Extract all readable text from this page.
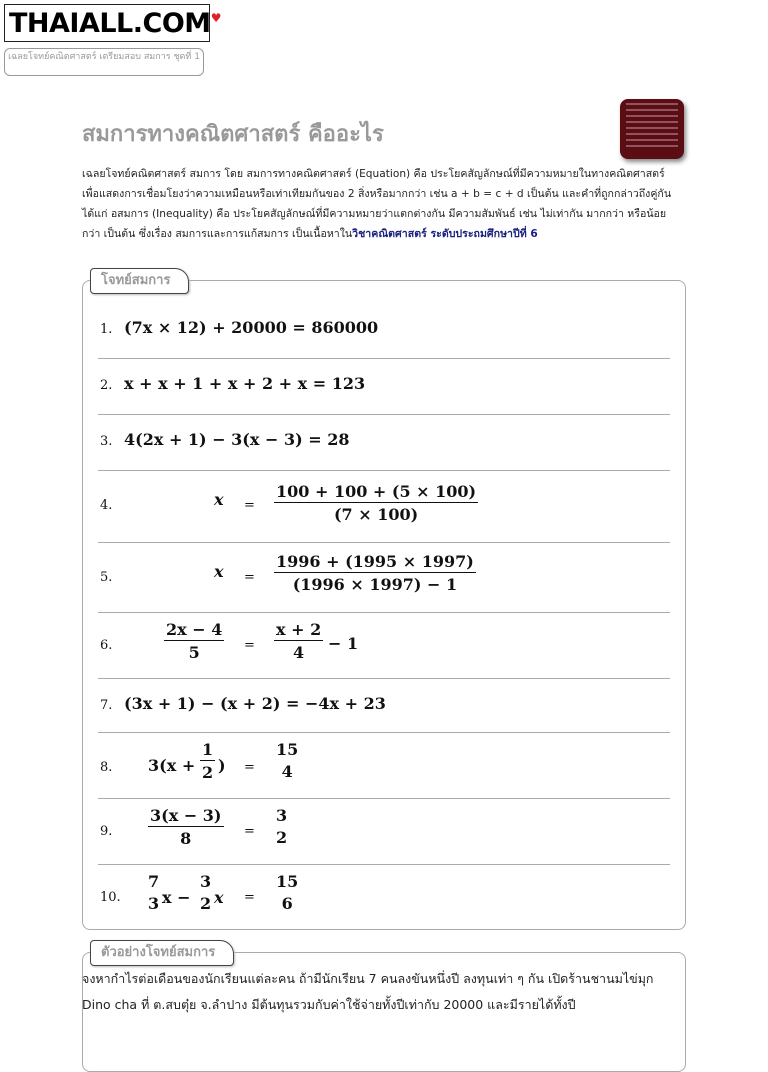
THAIALL.COM ♥
เฉลยโจทย์คณิตศาสตร์ เตรียมสอบ สมการ ชุดที่ 1
สมการทางคณิตศาสตร์ คืออะไร

เฉลยโจทย์คณิตศาสตร์ สมการ โดย สมการทางคณิตศาสตร์ (Equation) คือ ประโยคสัญลักษณ์ที่มีความหมายในทางคณิตศาสตร์ เพื่อแสดงการเชื่อมโยงว่าความเหมือนหรือเท่าเทียมกันของ 2 สิ่งหรือมากกว่า เช่น a + b = c + d เป็นต้น และคำที่ถูกกล่าวถึงคู่กันได้แก่ อสมการ (Inequality) คือ ประโยคสัญลักษณ์ที่มีความหมายว่าแตกต่างกัน มีความสัมพันธ์ เช่น ไม่เท่ากัน มากกว่า หรือน้อยกว่า เป็นต้น ซึ่งเรื่อง สมการและการแก้สมการ เป็นเนื้อหาในวิชาคณิตศาสตร์ ระดับประถมศึกษาปีที่ 6

โจทย์สมการ
1. (7x × 12) + 20000 = 860000
2. x + x + 1 + x + 2 + x = 123
3. 4(2x + 1) − 3(x − 3) = 28
4.	$x = \frac{100 + 100 + (5 \times 100)}{(7 \times 100)}$
5.	$x = \frac{1996 + (1995 \times 1997)}{(1996 \times 1997) - 1}$
6.	$\frac{2x - 4}{5} = \frac{x + 2}{4} - 1$
7. (3x + 1) − (x + 2) = −4x + 23
8. $3(x + \frac{1}{2}$ ) =
15
4
9. $\frac{3(x - 3)}{8}$ =
3
2
10.
7
3 x −
3
2 x =
15
6
ตัวอย่างโจทย์สมการ

จงหากำไรต่อเดือนของนักเรียนแต่ละคน ถ้ามีนักเรียน 7 คนลงขันหนึ่งปี ลงทุนเท่า ๆ กัน เปิดร้านชานมไข่มุก Dino cha ที่ ต.สบตุ๋ย จ.ลำปาง มีต้นทุนรวมกับค่าใช้จ่ายทั้งปีเท่ากับ 20000 และมีรายได้ทั้งปี
